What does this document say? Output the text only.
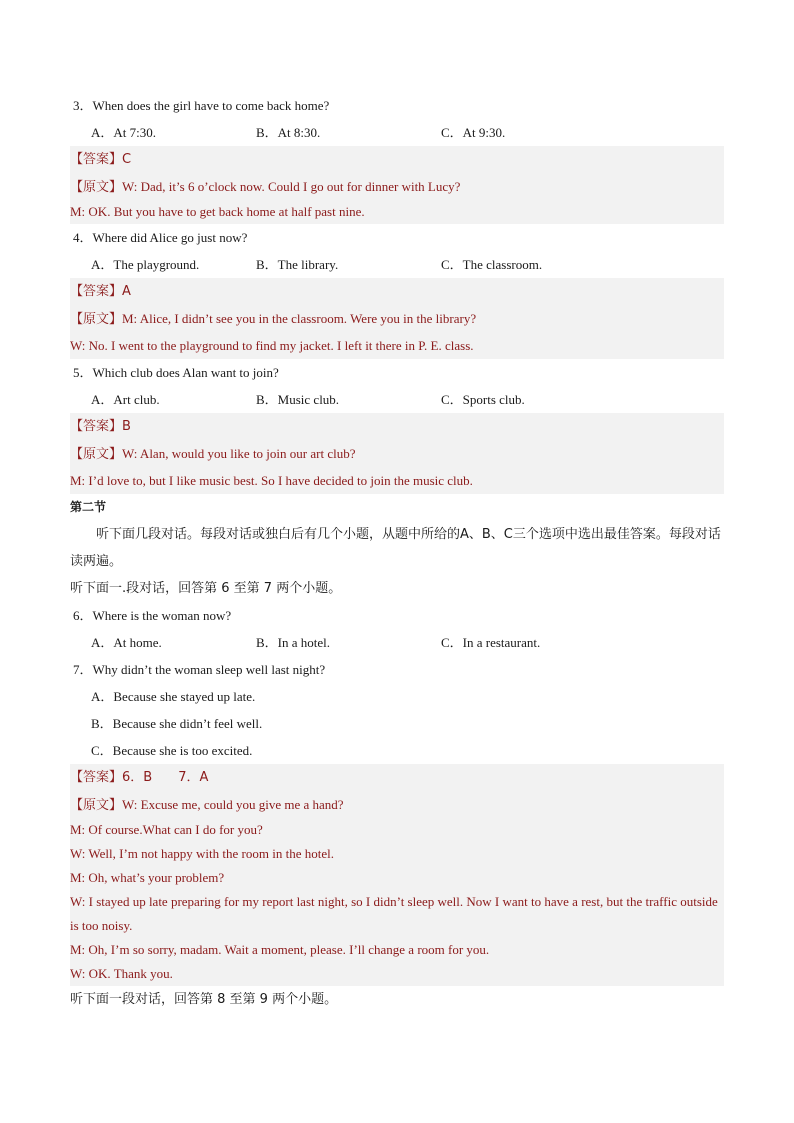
3．When does the girl have to come back home?
A．At 7:30.	B．At 8:30.	C．At 9:30.
【答案】C
【原文】W: Dad, it’s 6 o’clock now. Could I go out for dinner with Lucy?
M: OK. But you have to get back home at half past nine.
4．Where did Alice go just now?
A．The playground.	B．The library.	C．The classroom.
【答案】A
【原文】M: Alice, I didn’t see you in the classroom. Were you in the library?
W: No. I went to the playground to find my jacket. I left it there in P. E. class.
5．Which club does Alan want to join?
A．Art club.	B．Music club.	C．Sports club.
【答案】B
【原文】W: Alan, would you like to join our art club?
M: I’d love to, but I like music best. So I have decided to join the music club.
第二节
听下面几段对话。每段对话或独白后有几个小题，从题中所给的A、B、C三个选项中选出最佳答案。每段对话读两遍。
听下面一.段对话，回答第 6 至第 7 两个小题。
6．Where is the woman now?
A．At home.	B．In a hotel.	C．In a restaurant.
7．Why didn’t the woman sleep well last night?
A．Because she stayed up late.
B．Because she didn’t feel well.
C．Because she is too excited.
【答案】6．B　　7．A
【原文】W: Excuse me, could you give me a hand?
M: Of course.What can I do for you?
W: Well, I’m not happy with the room in the hotel.
M: Oh, what’s your problem?
W: I stayed up late preparing for my report last night, so I didn’t sleep well. Now I want to have a rest, but the traffic outside is too noisy.
M: Oh, I’m so sorry, madam. Wait a moment, please. I’ll change a room for you.
W: OK. Thank you.
听下面一段对话，回答第 8 至第 9 两个小题。
